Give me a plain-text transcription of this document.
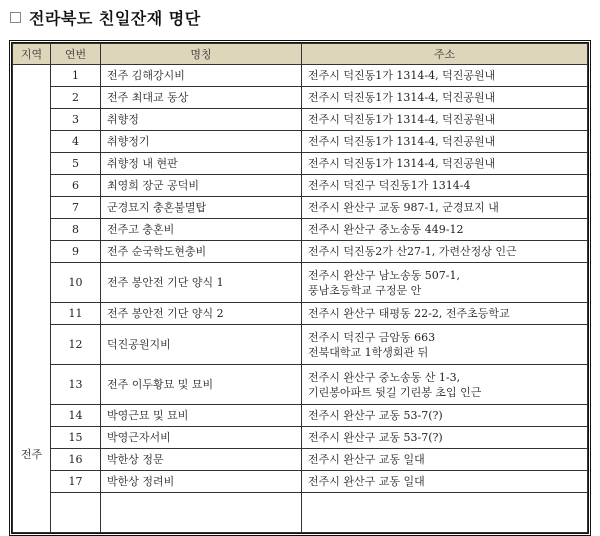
전라북도 친일잔재 명단
지역	연번	명칭	주소
전주	1	전주 김해강시비	전주시 덕진동1가 1314-4, 덕진공원내

	2	전주 최대교 동상	전주시 덕진동1가 1314-4, 덕진공원내

	3	취향정	전주시 덕진동1가 1314-4, 덕진공원내

	4	취향정기	전주시 덕진동1가 1314-4, 덕진공원내

	5	취향정 내 현판	전주시 덕진동1가 1314-4, 덕진공원내

	6	최영희 장군 공덕비	전주시 덕진구 덕진동1가 1314-4

	7	군경묘지 충혼불멸탑	전주시 완산구 교동 987-1, 군경묘지 내

	8	전주고 충혼비	전주시 완산구 중노송동 449-12

	9	전주 순국학도현충비	전주시 덕진동2가 산27-1, 가련산정상 인근

	10	전주 봉안전 기단 양식 1	전주시 완산구 남노송동 507-1,
풍남초등학교 구정문 안

	11	전주 봉안전 기단 양식 2	전주시 완산구 태평동 22-2, 전주초등학교

	12	덕진공원지비	전주시 덕진구 금암동 663
전북대학교 1학생회관 뒤

	13	전주 이두황묘 및 묘비	전주시 완산구 중노송동 산 1-3,
기린봉아파트 뒷길 기린봉 초입 인근

	14	박영근묘 및 묘비	전주시 완산구 교동 53-7(?)

	15	박영근자서비	전주시 완산구 교동 53-7(?)

	16	박한상 정문	전주시 완산구 교동 일대

	17	박한상 정려비	전주시 완산구 교동 일대
